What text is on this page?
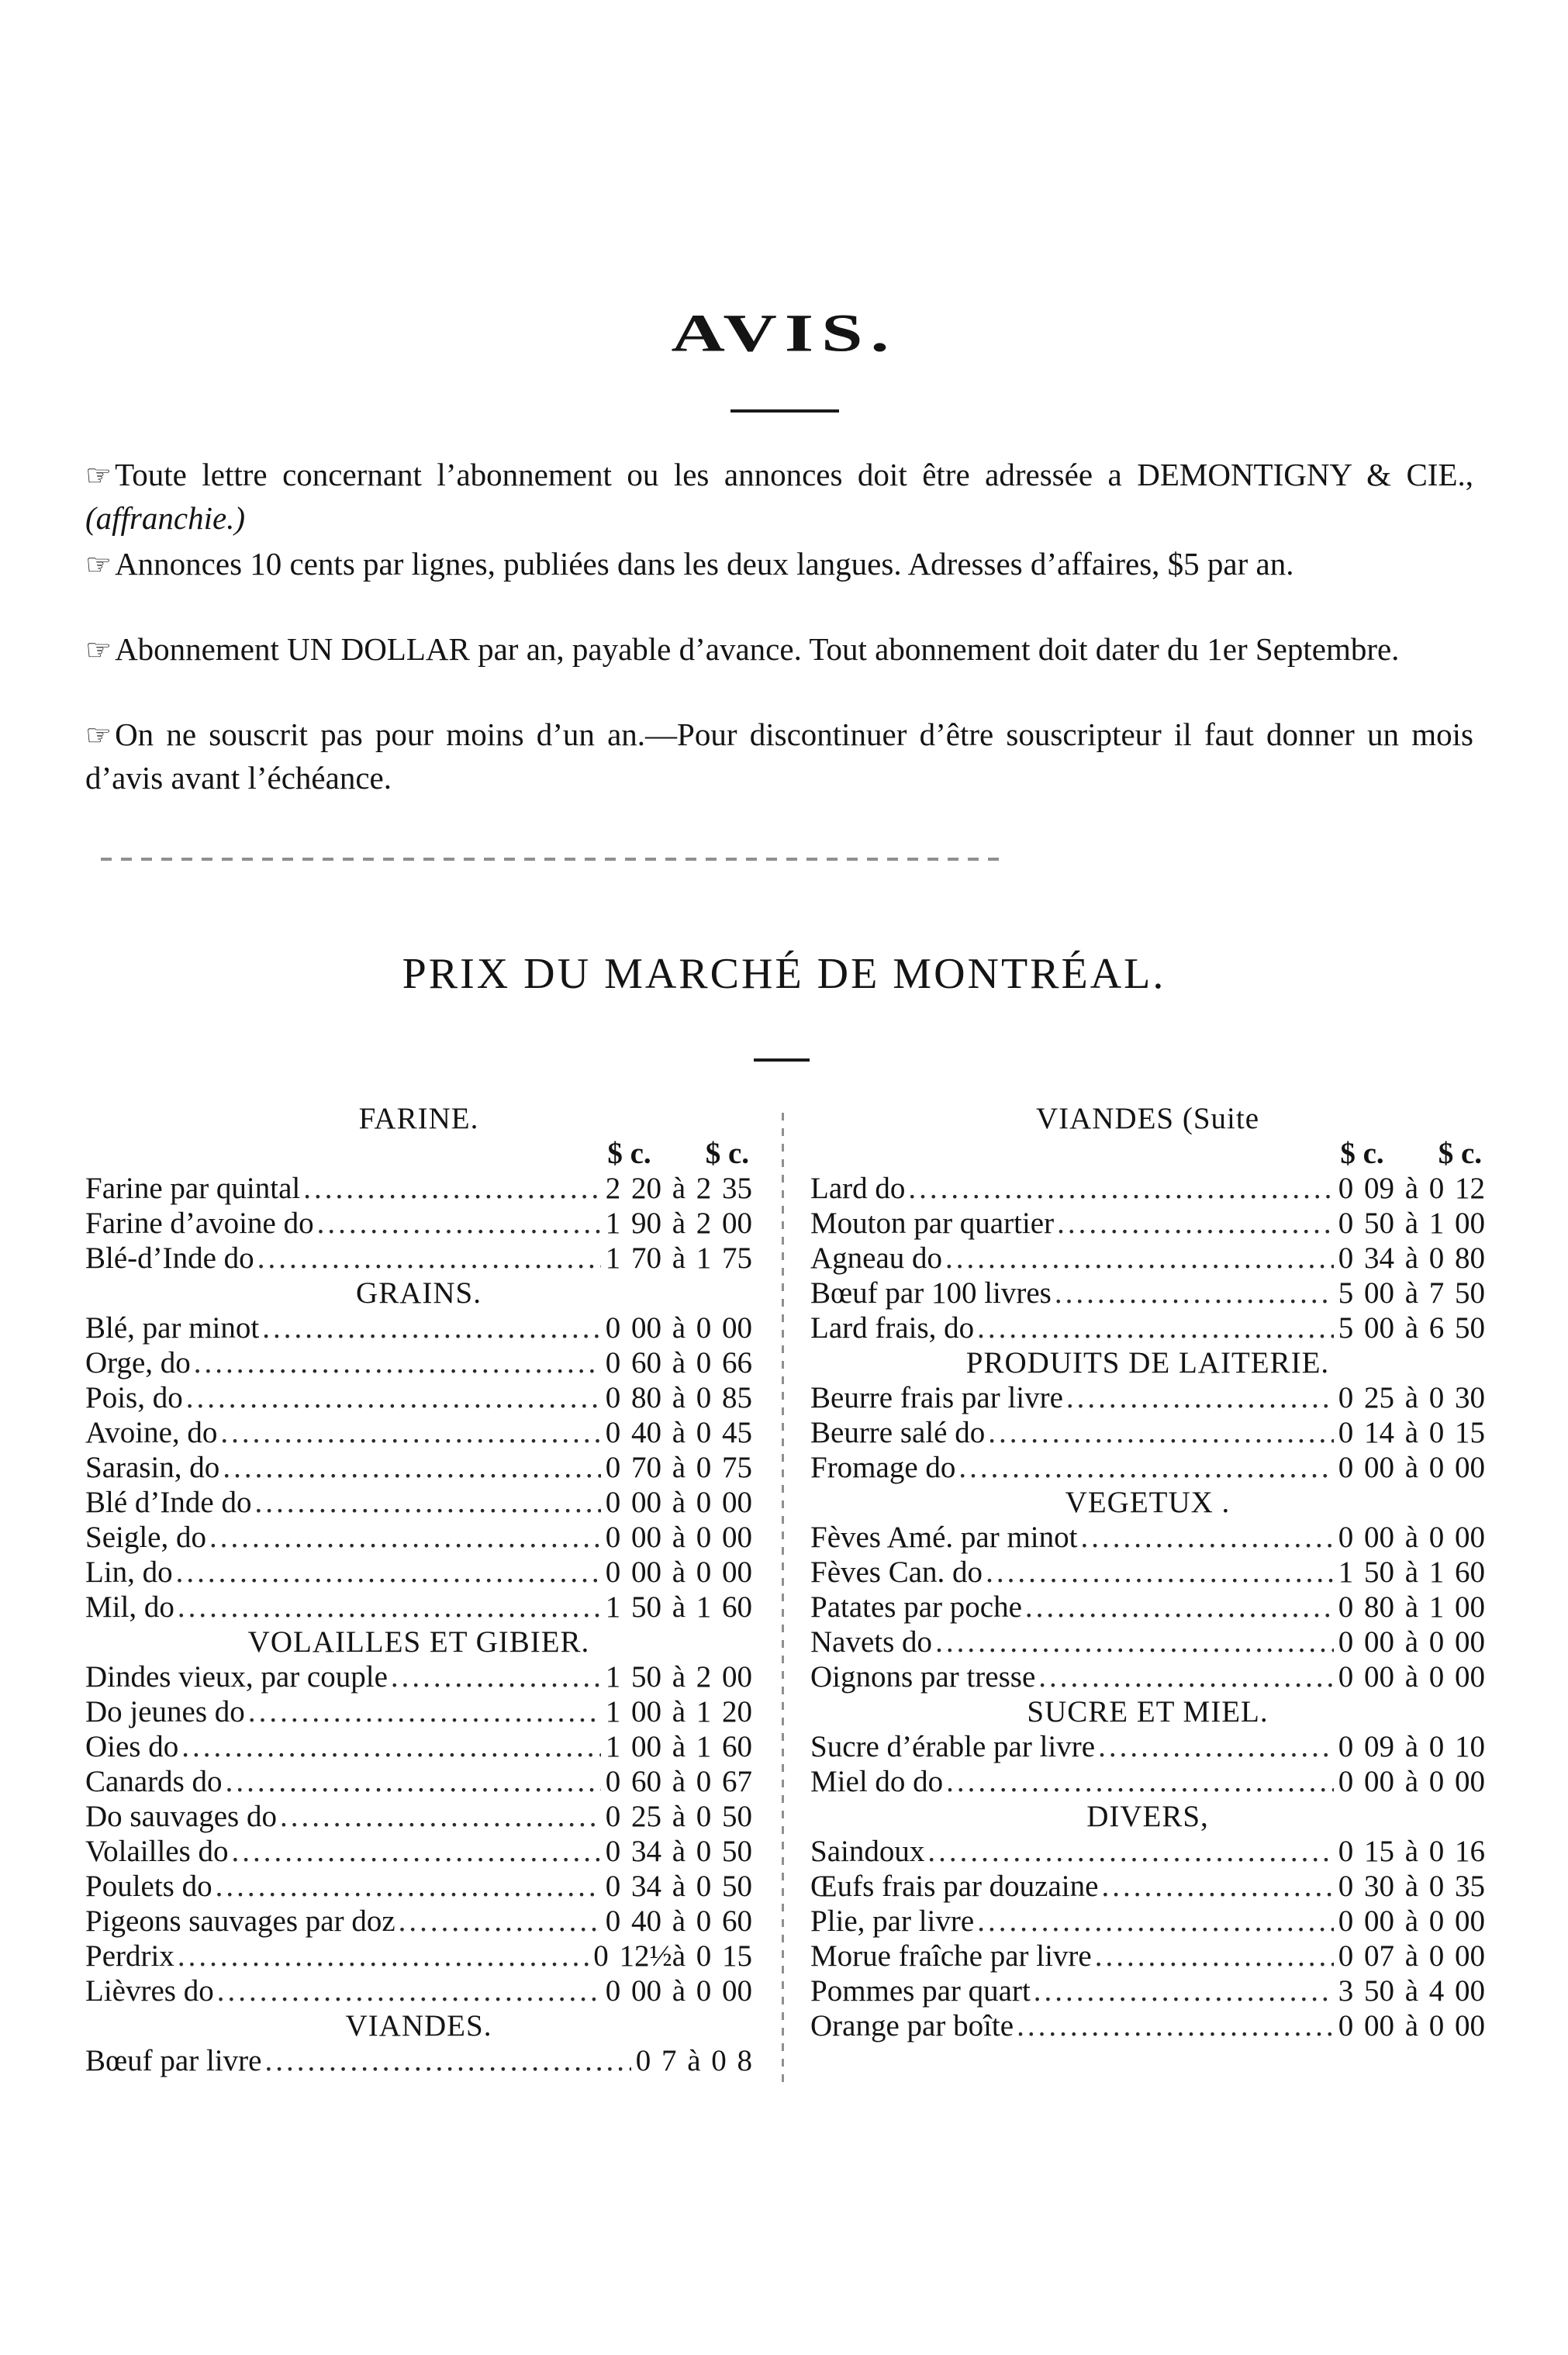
AVIS.
☞Toute lettre concernant l’abonnement ou les annonces doit être adressée a DEMONTIGNY & CIE., (affranchie.)
☞Annonces 10 cents par lignes, publiées dans les deux langues. Adresses d’affaires, $5 par an.
☞Abonnement UN DOLLAR par an, payable d’avance. Tout abonnement doit dater du 1er Septembre.
☞On ne souscrit pas pour moins d’un an.—Pour discontinuer d’être souscripteur il faut donner un mois d’avis avant l’échéance.
PRIX DU MARCHÉ DE MONTRÉAL.
FARINE.
$ c. $ c.
Farine par quintal .....	2 20 à 2 35
Farine d’avoine do .....	1 90 à 2 00
Blé-d’Inde do .....	1 70 à 1 75
GRAINS.
Blé, par minot .....	0 00 à 0 00
Orge, do .....	0 60 à 0 66
Pois, do .....	0 80 à 0 85
Avoine, do .....	0 40 à 0 45
Sarasin, do .....	0 70 à 0 75
Blé d’Inde do .....	0 00 à 0 00
Seigle, do .....	0 00 à 0 00
Lin, do .....	0 00 à 0 00
Mil, do .....	1 50 à 1 60
VOLAILLES ET GIBIER.
Dindes vieux, par couple .....	1 50 à 2 00
Do jeunes do .....	1 00 à 1 20
Oies do .....	1 00 à 1 60
Canards do .....	0 60 à 0 67
Do sauvages do .....	0 25 à 0 50
Volailles do .....	0 34 à 0 50
Poulets do .....	0 34 à 0 50
Pigeons sauvages par doz .....	0 40 à 0 60
Perdrix .....	0 12½à 0 15
Lièvres do .....	0 00 à 0 00
VIANDES.
Bœuf par livre .....	0 7 à 0 8
VIANDES (Suite
$ c. $ c.
Lard do .....	0 09 à 0 12
Mouton par quartier .....	0 50 à 1 00
Agneau do .....	0 34 à 0 80
Bœuf par 100 livres .....	5 00 à 7 50
Lard frais, do .....	5 00 à 6 50
PRODUITS DE LAITERIE.
Beurre frais par livre .....	0 25 à 0 30
Beurre salé do .....	0 14 à 0 15
Fromage do .....	0 00 à 0 00
VEGETUX .
Fèves Amé. par minot .....	0 00 à 0 00
Fèves Can. do .....	1 50 à 1 60
Patates par poche .....	0 80 à 1 00
Navets do .....	0 00 à 0 00
Oignons par tresse .....	0 00 à 0 00
SUCRE ET MIEL.
Sucre d’érable par livre .....	0 09 à 0 10
Miel do do .....	0 00 à 0 00
DIVERS,
Saindoux .....	0 15 à 0 16
Œufs frais par douzaine .....	0 30 à 0 35
Plie, par livre .....	0 00 à 0 00
Morue fraîche par livre .....	0 07 à 0 00
Pommes par quart .....	3 50 à 4 00
Orange par boîte .....	0 00 à 0 00
